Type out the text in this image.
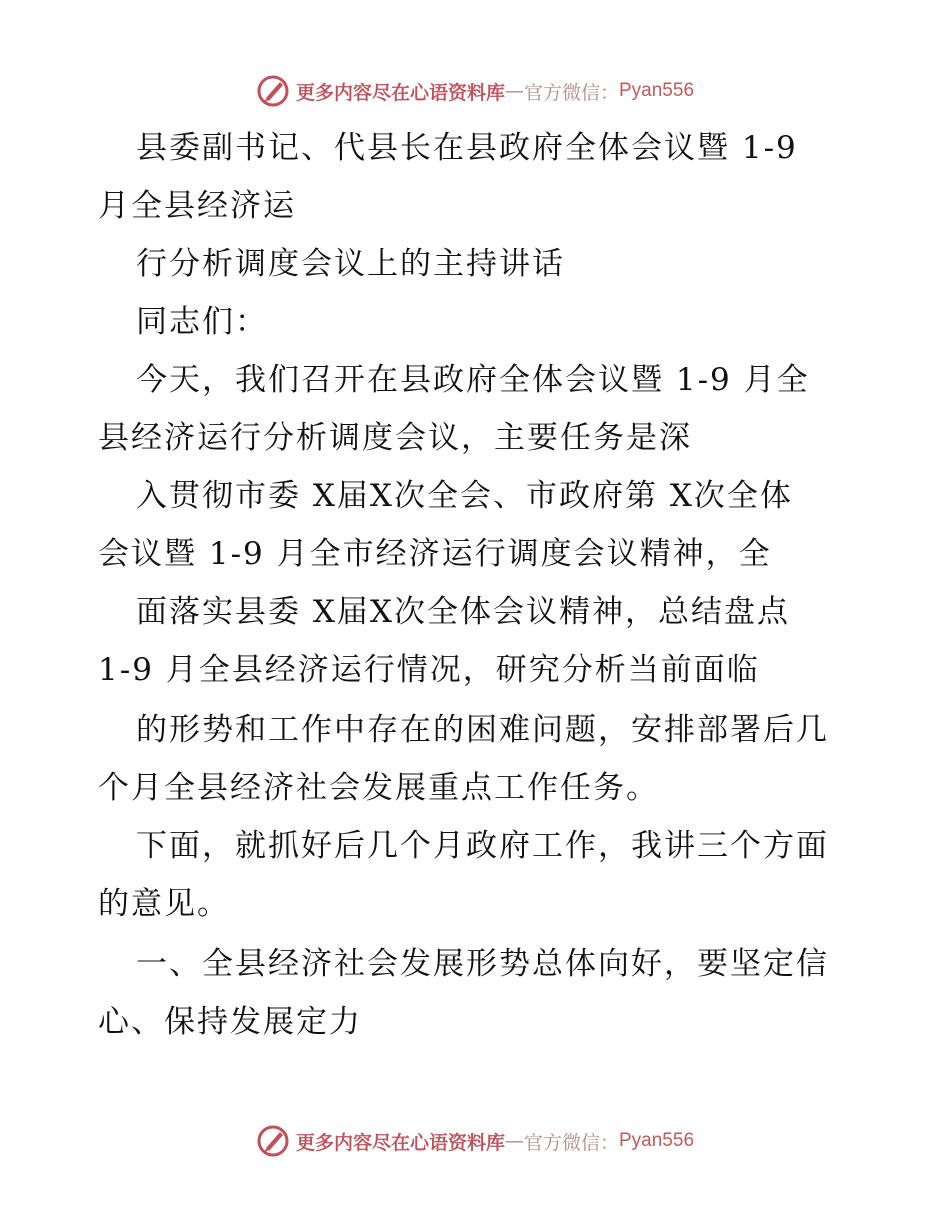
更多内容尽在心语资料库 — 官方微信： Pyan556
县委副书记、代县长在县政府全体会议暨 1-9
月全县经济运
行分析调度会议上的主持讲话
同志们：
今天，我们召开在县政府全体会议暨 1-9 月全
县经济运行分析调度会议，主要任务是深
入贯彻市委 X届X次全会、市政府第 X次全体
会议暨 1-9 月全市经济运行调度会议精神，全
面落实县委 X届X次全体会议精神，总结盘点
1-9 月全县经济运行情况，研究分析当前面临
的形势和工作中存在的困难问题，安排部署后几
个月全县经济社会发展重点工作任务。
下面，就抓好后几个月政府工作，我讲三个方面
的意见。
一、全县经济社会发展形势总体向好，要坚定信
心、保持发展定力
更多内容尽在心语资料库 — 官方微信： Pyan556
